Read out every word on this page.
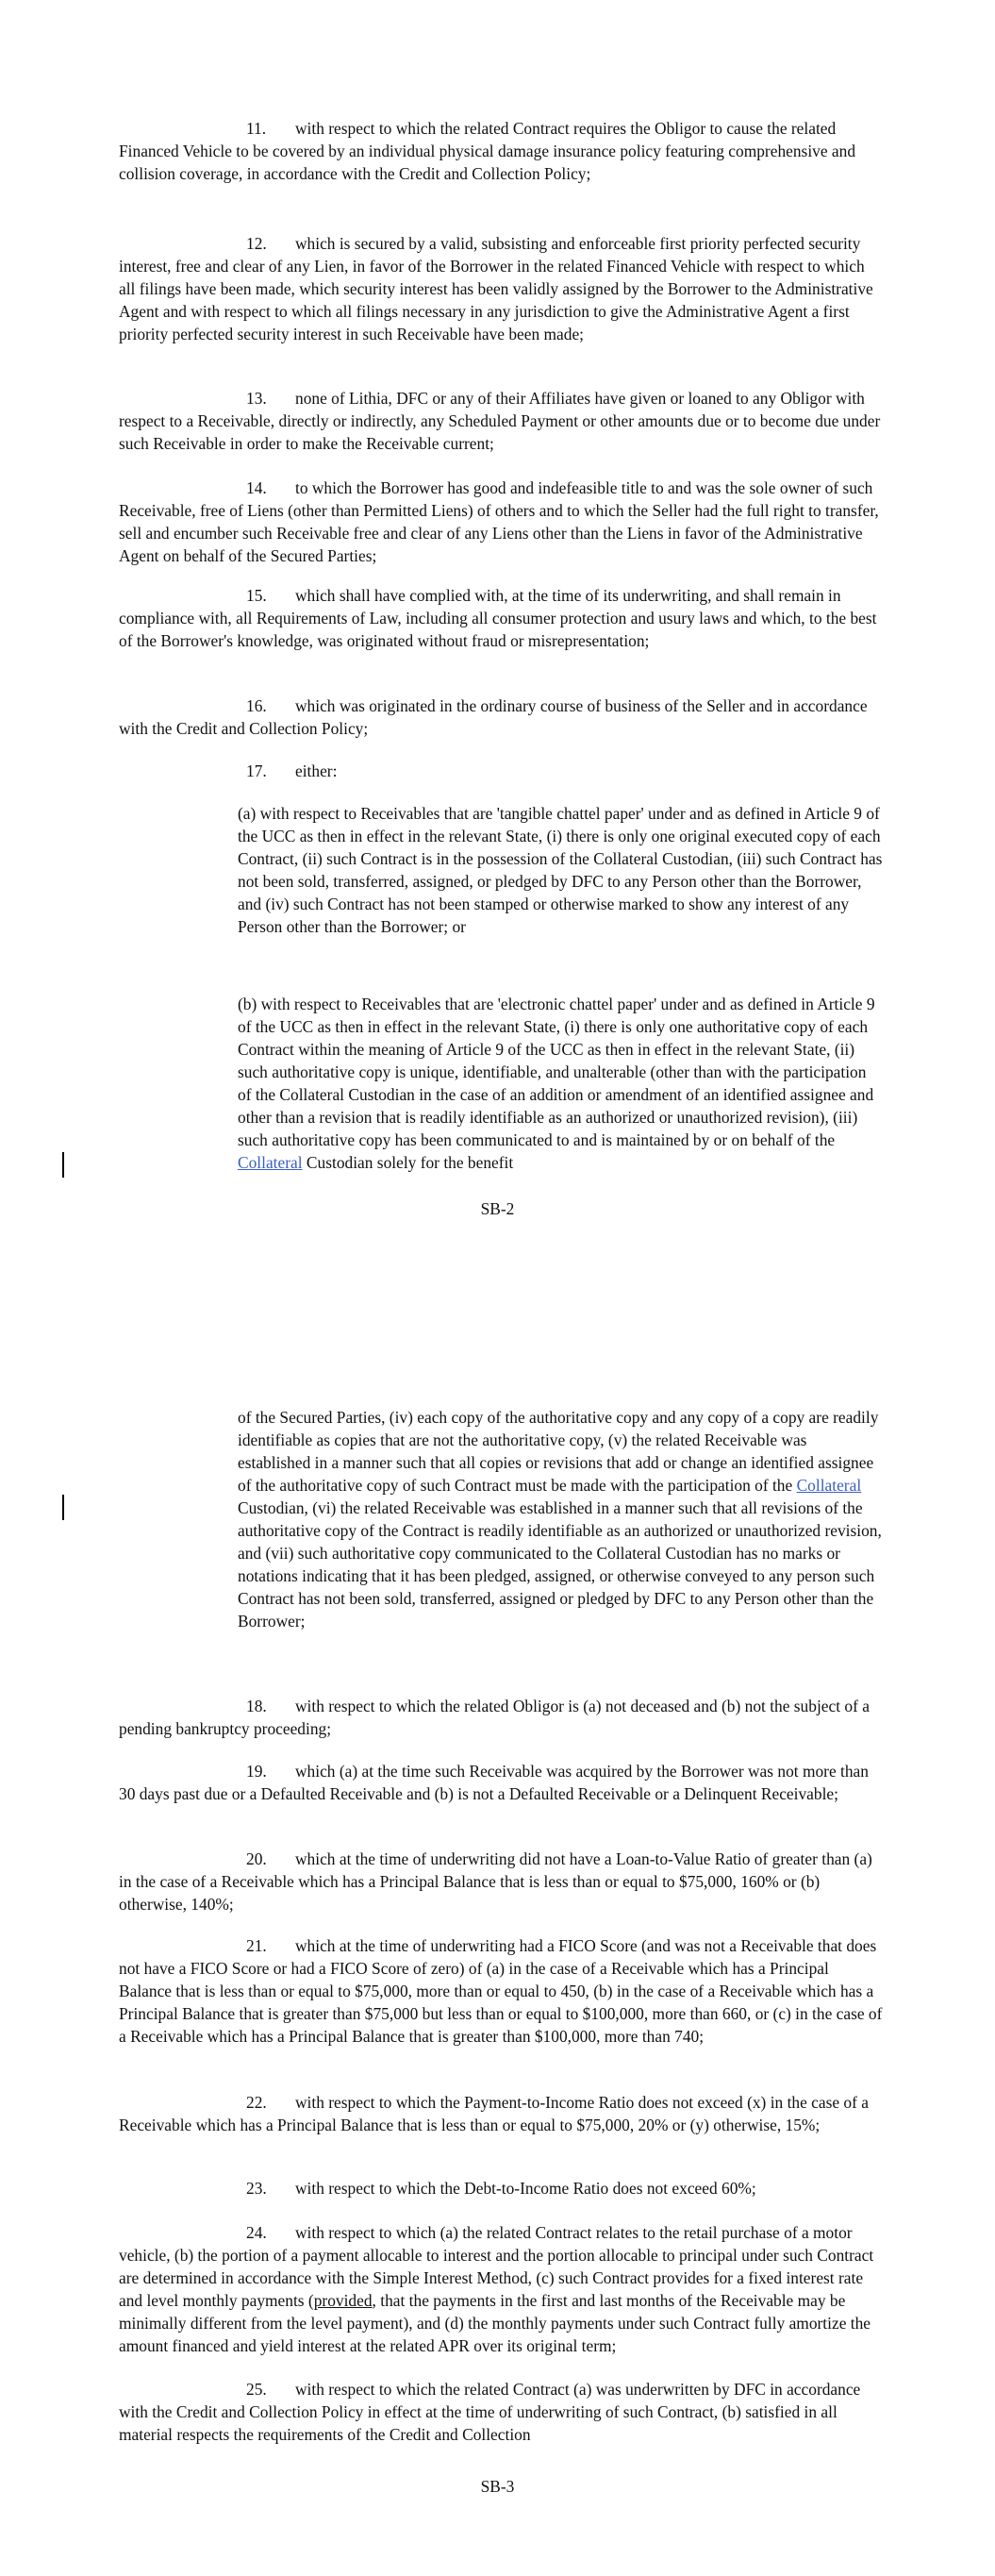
11. with respect to which the related Contract requires the Obligor to cause the related Financed Vehicle to be covered by an individual physical damage insurance policy featuring comprehensive and collision coverage, in accordance with the Credit and Collection Policy;

12. which is secured by a valid, subsisting and enforceable first priority perfected security interest, free and clear of any Lien, in favor of the Borrower in the related Financed Vehicle with respect to which all filings have been made, which security interest has been validly assigned by the Borrower to the Administrative Agent and with respect to which all filings necessary in any jurisdiction to give the Administrative Agent a first priority perfected security interest in such Receivable have been made;

13. none of Lithia, DFC or any of their Affiliates have given or loaned to any Obligor with respect to a Receivable, directly or indirectly, any Scheduled Payment or other amounts due or to become due under such Receivable in order to make the Receivable current;

14. to which the Borrower has good and indefeasible title to and was the sole owner of such Receivable, free of Liens (other than Permitted Liens) of others and to which the Seller had the full right to transfer, sell and encumber such Receivable free and clear of any Liens other than the Liens in favor of the Administrative Agent on behalf of the Secured Parties;

15. which shall have complied with, at the time of its underwriting, and shall remain in compliance with, all Requirements of Law, including all consumer protection and usury laws and which, to the best of the Borrower's knowledge, was originated without fraud or misrepresentation;

16. which was originated in the ordinary course of business of the Seller and in accordance with the Credit and Collection Policy;

17. either:

(a) with respect to Receivables that are 'tangible chattel paper' under and as defined in Article 9 of the UCC as then in effect in the relevant State, (i) there is only one original executed copy of each Contract, (ii) such Contract is in the possession of the Collateral Custodian, (iii) such Contract has not been sold, transferred, assigned, or pledged by DFC to any Person other than the Borrower, and (iv) such Contract has not been stamped or otherwise marked to show any interest of any Person other than the Borrower; or

(b) with respect to Receivables that are 'electronic chattel paper' under and as defined in Article 9 of the UCC as then in effect in the relevant State, (i) there is only one authoritative copy of each Contract within the meaning of Article 9 of the UCC as then in effect in the relevant State, (ii) such authoritative copy is unique, identifiable, and unalterable (other than with the participation of the Collateral Custodian in the case of an addition or amendment of an identified assignee and other than a revision that is readily identifiable as an authorized or unauthorized revision), (iii) such authoritative copy has been communicated to and is maintained by or on behalf of the Collateral Custodian solely for the benefit

SB-2

of the Secured Parties, (iv) each copy of the authoritative copy and any copy of a copy are readily identifiable as copies that are not the authoritative copy, (v) the related Receivable was established in a manner such that all copies or revisions that add or change an identified assignee of the authoritative copy of such Contract must be made with the participation of the Collateral Custodian, (vi) the related Receivable was established in a manner such that all revisions of the authoritative copy of the Contract is readily identifiable as an authorized or unauthorized revision, and (vii) such authoritative copy communicated to the Collateral Custodian has no marks or notations indicating that it has been pledged, assigned, or otherwise conveyed to any person such Contract has not been sold, transferred, assigned or pledged by DFC to any Person other than the Borrower;

18. with respect to which the related Obligor is (a) not deceased and (b) not the subject of a pending bankruptcy proceeding;

19. which (a) at the time such Receivable was acquired by the Borrower was not more than 30 days past due or a Defaulted Receivable and (b) is not a Defaulted Receivable or a Delinquent Receivable;

20. which at the time of underwriting did not have a Loan-to-Value Ratio of greater than (a) in the case of a Receivable which has a Principal Balance that is less than or equal to $75,000, 160% or (b) otherwise, 140%;

21. which at the time of underwriting had a FICO Score (and was not a Receivable that does not have a FICO Score or had a FICO Score of zero) of (a) in the case of a Receivable which has a Principal Balance that is less than or equal to $75,000, more than or equal to 450, (b) in the case of a Receivable which has a Principal Balance that is greater than $75,000 but less than or equal to $100,000, more than 660, or (c) in the case of a Receivable which has a Principal Balance that is greater than $100,000, more than 740;

22. with respect to which the Payment-to-Income Ratio does not exceed (x) in the case of a Receivable which has a Principal Balance that is less than or equal to $75,000, 20% or (y) otherwise, 15%;

23. with respect to which the Debt-to-Income Ratio does not exceed 60%;

24. with respect to which (a) the related Contract relates to the retail purchase of a motor vehicle, (b) the portion of a payment allocable to interest and the portion allocable to principal under such Contract are determined in accordance with the Simple Interest Method, (c) such Contract provides for a fixed interest rate and level monthly payments (provided, that the payments in the first and last months of the Receivable may be minimally different from the level payment), and (d) the monthly payments under such Contract fully amortize the amount financed and yield interest at the related APR over its original term;

25. with respect to which the related Contract (a) was underwritten by DFC in accordance with the Credit and Collection Policy in effect at the time of underwriting of such Contract, (b) satisfied in all material respects the requirements of the Credit and Collection

SB-3
